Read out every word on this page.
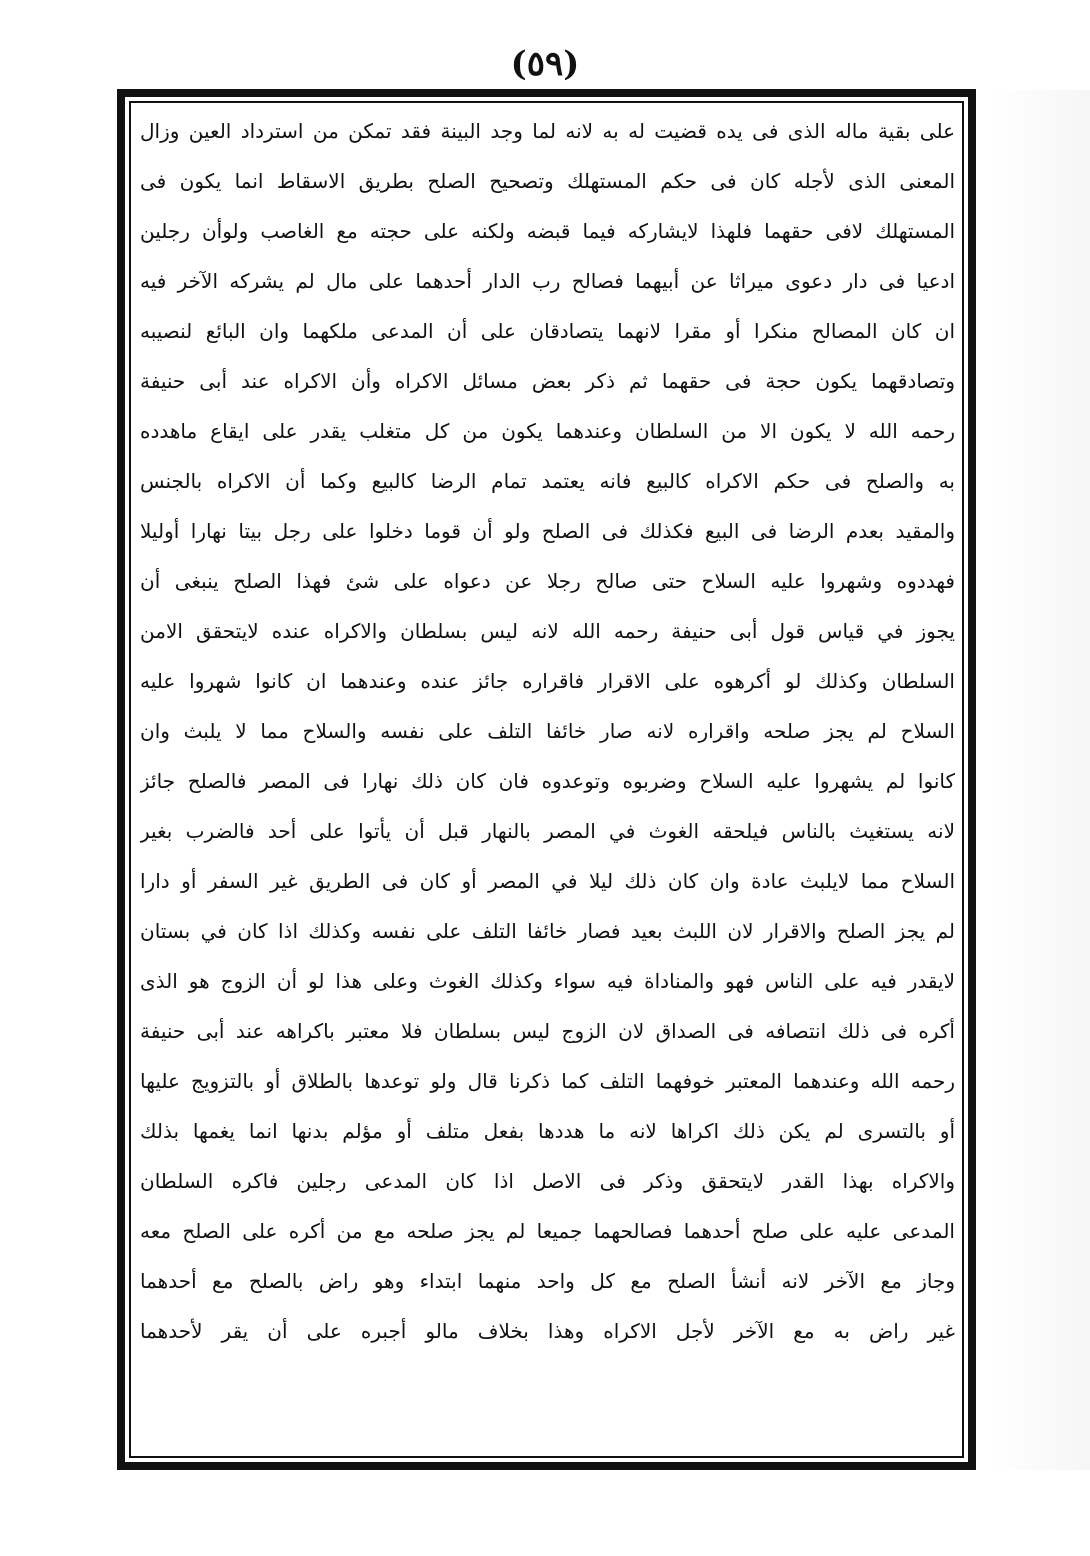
(٥٩)
على بقية ماله الذى فى يده قضيت له به لانه لما وجد البينة فقد تمكن من استرداد العين وزال
المعنى الذى لأجله كان فى حكم المستهلك وتصحيح الصلح بطريق الاسقاط انما يكون فى
المستهلك لافى حقهما فلهذا لايشاركه فيما قبضه ولكنه على حجته مع الغاصب ولوأن رجلين
ادعيا فى دار دعوى ميراثا عن أبيهما فصالح رب الدار أحدهما على مال لم يشركه الآخر فيه
ان كان المصالح منكرا أو مقرا لانهما يتصادقان على أن المدعى ملكهما وان البائع لنصيبه
وتصادقهما يكون حجة فى حقهما ثم ذكر بعض مسائل الاكراه وأن الاكراه عند أبى حنيفة
رحمه الله لا يكون الا من السلطان وعندهما يكون من كل متغلب يقدر على ايقاع ماهدده
به والصلح فى حكم الاكراه كالبيع فانه يعتمد تمام الرضا كالبيع وكما أن الاكراه بالجنس
والمقيد بعدم الرضا فى البيع فكذلك فى الصلح ولو أن قوما دخلوا على رجل بيتا نهارا أوليلا
فهددوه وشهروا عليه السلاح حتى صالح رجلا عن دعواه على شئ فهذا الصلح ينبغى أن
يجوز في قياس قول أبى حنيفة رحمه الله لانه ليس بسلطان والاكراه عنده لايتحقق الامن
السلطان وكذلك لو أكرهوه على الاقرار فاقراره جائز عنده وعندهما ان كانوا شهروا عليه
السلاح لم يجز صلحه واقراره لانه صار خائفا التلف على نفسه والسلاح مما لا يلبث وان
كانوا لم يشهروا عليه السلاح وضربوه وتوعدوه فان كان ذلك نهارا فى المصر فالصلح جائز
لانه يستغيث بالناس فيلحقه الغوث في المصر بالنهار قبل أن يأتوا على أحد فالضرب بغير
السلاح مما لايلبث عادة وان كان ذلك ليلا في المصر أو كان فى الطريق غير السفر أو دارا
لم يجز الصلح والاقرار لان اللبث بعيد فصار خائفا التلف على نفسه وكذلك اذا كان في بستان
لايقدر فيه على الناس فهو والمناداة فيه سواء وكذلك الغوث وعلى هذا لو أن الزوج هو الذى
أكره فى ذلك انتصافه فى الصداق لان الزوج ليس بسلطان فلا معتبر باكراهه عند أبى حنيفة
رحمه الله وعندهما المعتبر خوفهما التلف كما ذكرنا قال ولو توعدها بالطلاق أو بالتزويج عليها
أو بالتسرى لم يكن ذلك اكراها لانه ما هددها بفعل متلف أو مؤلم بدنها انما يغمها بذلك
والاكراه بهذا القدر لايتحقق وذكر فى الاصل اذا كان المدعى رجلين فاكره السلطان
المدعى عليه على صلح أحدهما فصالحهما جميعا لم يجز صلحه مع من أكره على الصلح معه
وجاز مع الآخر لانه أنشأ الصلح مع كل واحد منهما ابتداء وهو راض بالصلح مع أحدهما
غير راض به مع الآخر لأجل الاكراه وهذا بخلاف مالو أجبره على أن يقر لأحدهما
